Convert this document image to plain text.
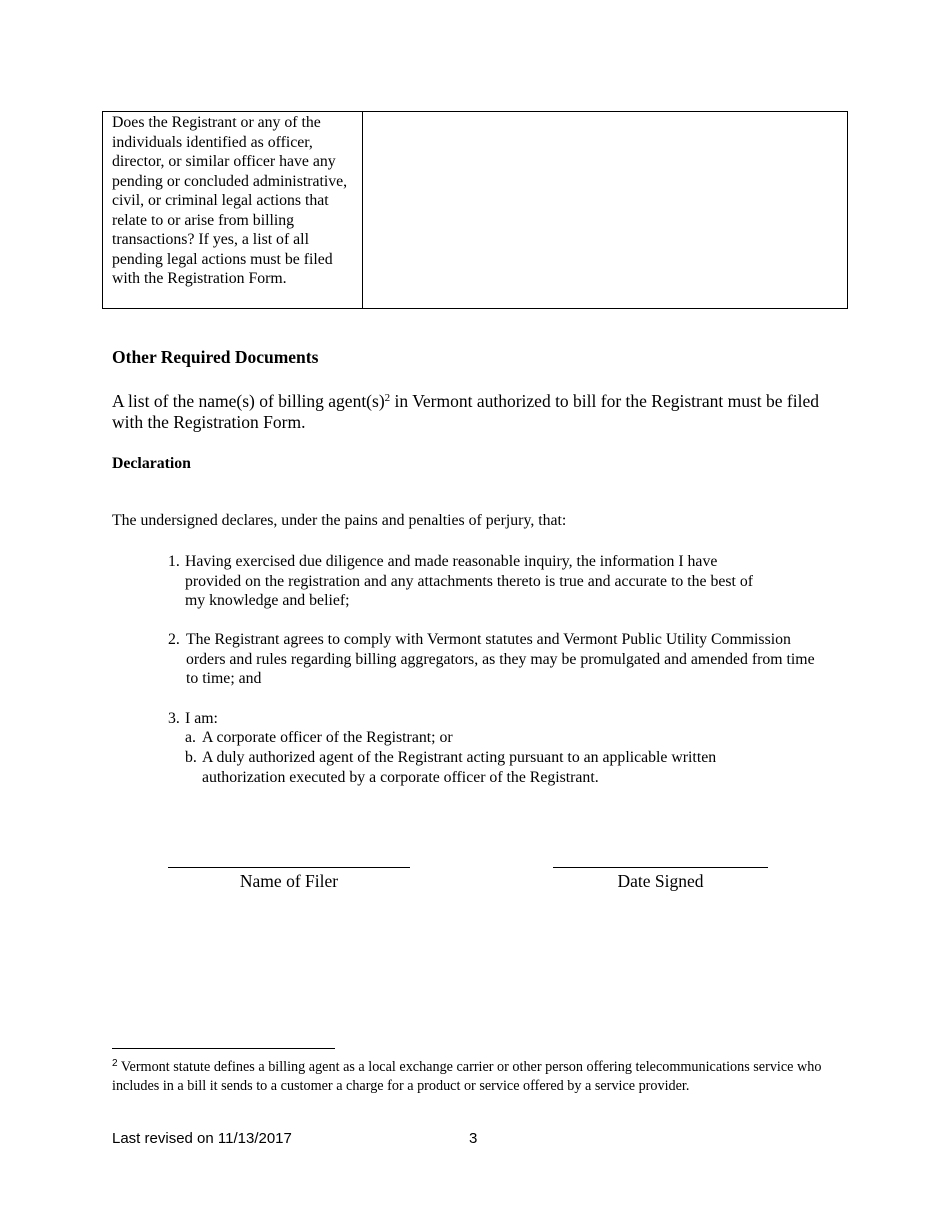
Does the Registrant or any of the individuals identified as officer, director, or similar officer have any pending or concluded administrative, civil, or criminal legal actions that relate to or arise from billing transactions? If yes, a list of all pending legal actions must be filed with the Registration Form.
Other Required Documents

A list of the name(s) of billing $agent(s)^2$ in Vermont authorized to bill for the Registrant must be filed with the Registration Form.

Declaration

The undersigned declares, under the pains and penalties of perjury, that:

1. Having exercised due diligence and made reasonable inquiry, the information I have provided on the registration and any attachments thereto is true and accurate to the best of my knowledge and belief;
2. The Registrant agrees to comply with Vermont statutes and Vermont Public Utility Commission orders and rules regarding billing aggregators, as they may be promulgated and amended from time to time; and
3. I am:
a. A corporate officer of the Registrant; or
b. A duly authorized agent of the Registrant acting pursuant to an applicable written authorization executed by a corporate officer of the Registrant.
Name of Filer	Date Signed
$^2$ Vermont statute defines a billing agent as a local exchange carrier or other person offering telecommunications service who includes in a bill it sends to a customer a charge for a product or service offered by a service provider.
Last revised on 11/13/2017	3
